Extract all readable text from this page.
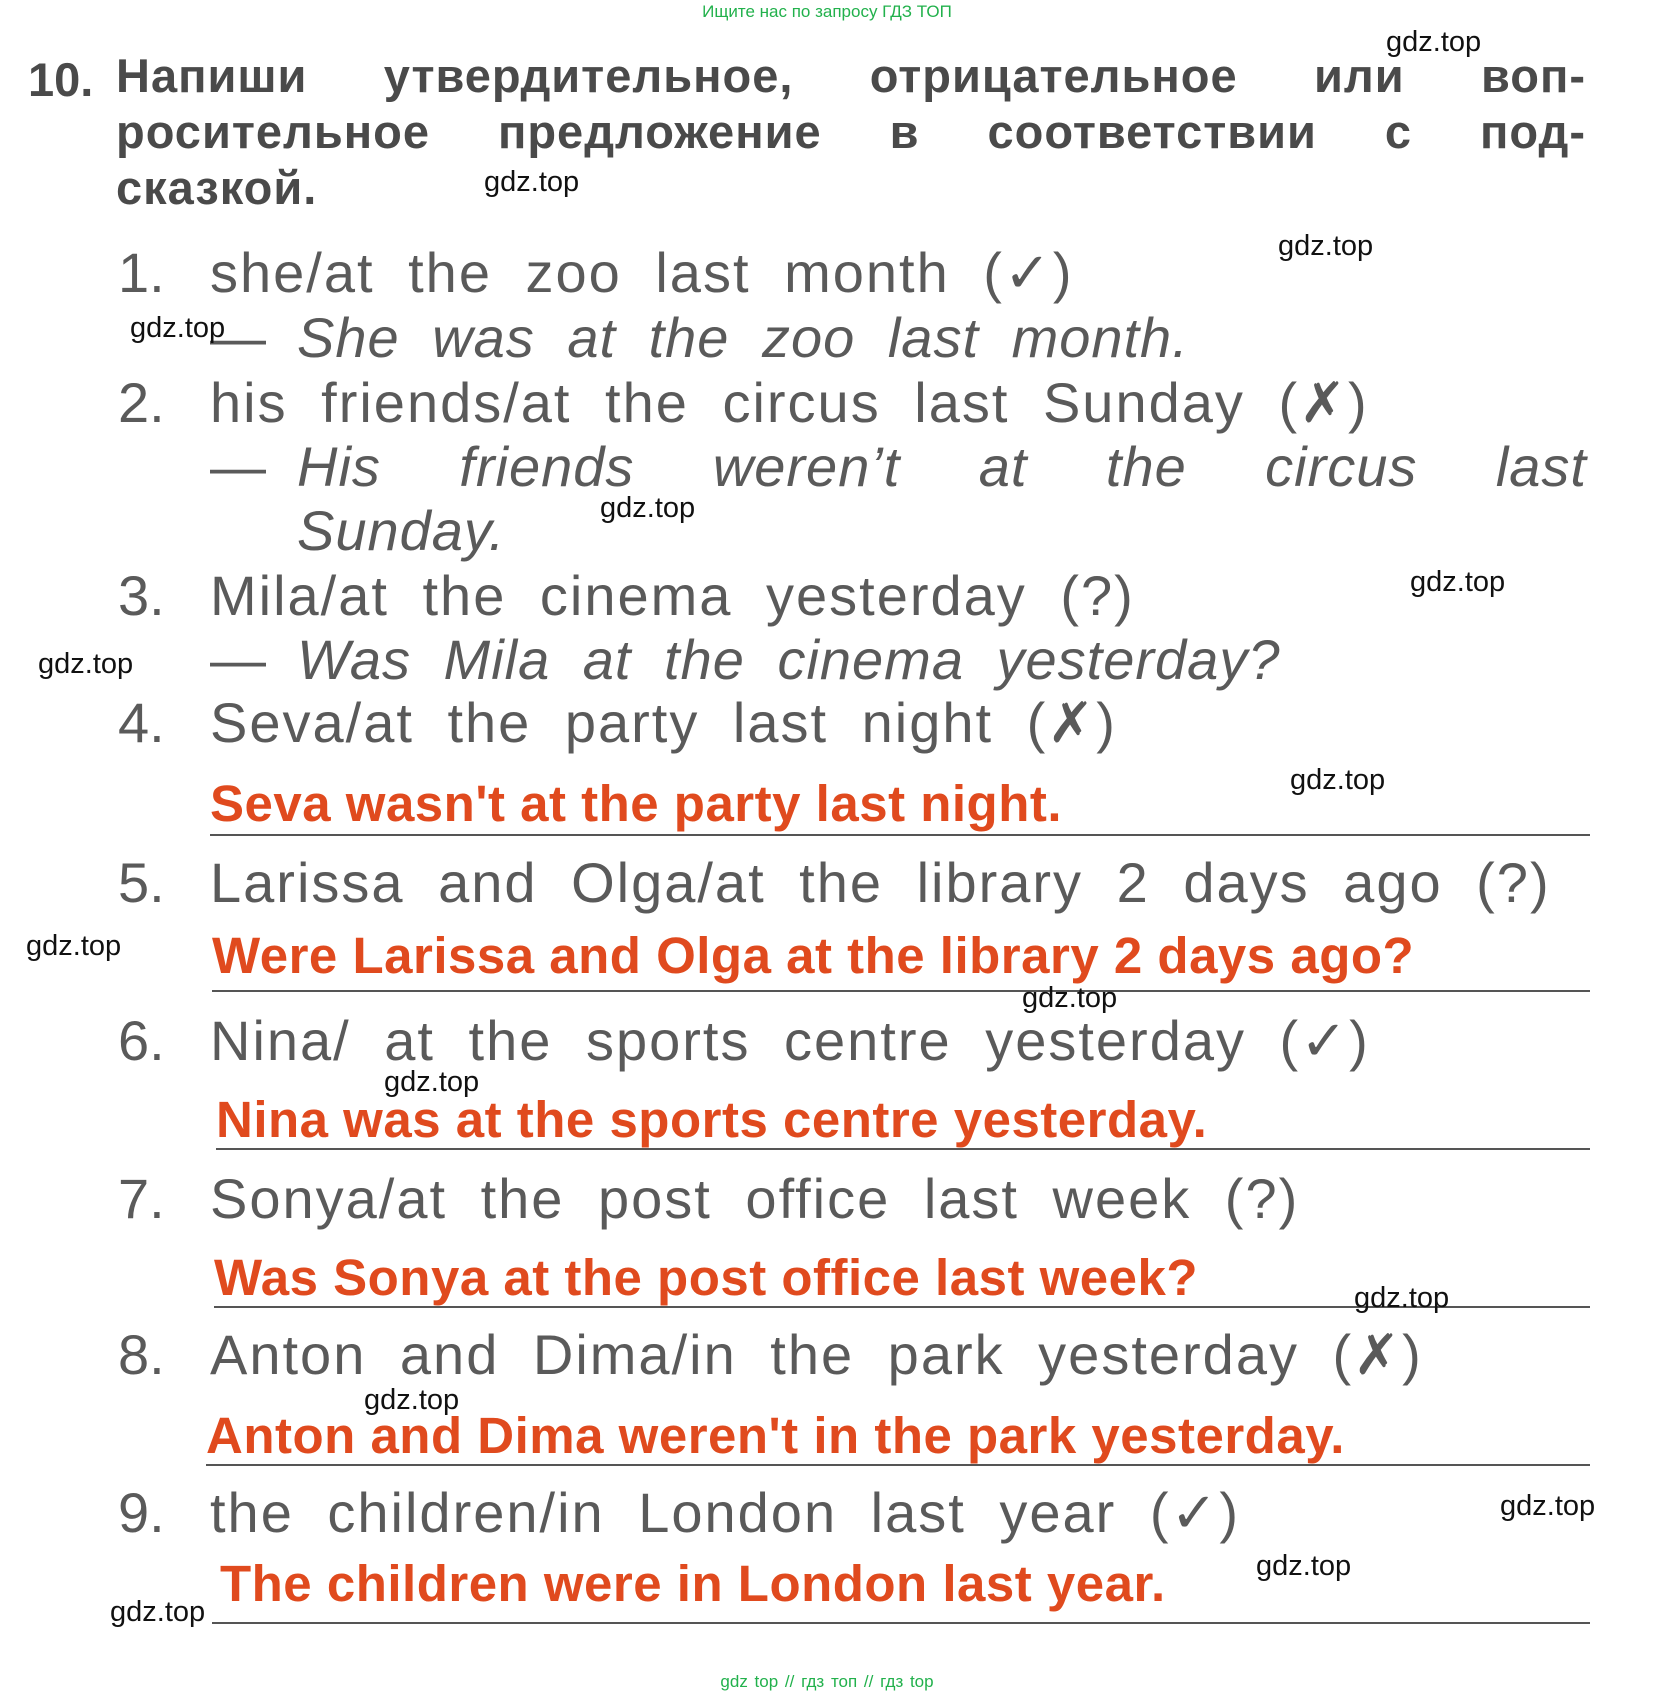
Ищите нас по запросу ГДЗ ТОП
gdz top // гдз топ // гдз top
10. Напиши утвердительное, отрицательное или воп-
росительное предложение в соответствии с под-
сказкой.
1. she/at the zoo last month (✓)
— She was at the zoo last month.
2. his friends/at the circus last Sunday (✗)
— His friends weren’t at the circus last
Sunday.
3. Mila/at the cinema yesterday (?)
— Was Mila at the cinema yesterday?
4. Seva/at the party last night (✗)
Seva wasn't at the party last night.
5. Larissa and Olga/at the library 2 days ago (?)
Were Larissa and Olga at the library 2 days ago?
6. Nina/ at the sports centre yesterday (✓)
Nina was at the sports centre yesterday.
7. Sonya/at the post office last week (?)
Was Sonya at the post office last week?
8. Anton and Dima/in the park yesterday (✗)
Anton and Dima weren't in the park yesterday.
9. the children/in London last year (✓)
The children were in London last year.
gdz.top
gdz.top
gdz.top
gdz.top
gdz.top
gdz.top
gdz.top
gdz.top
gdz.top
gdz.top
gdz.top
gdz.top
gdz.top
gdz.top
gdz.top
gdz.top
